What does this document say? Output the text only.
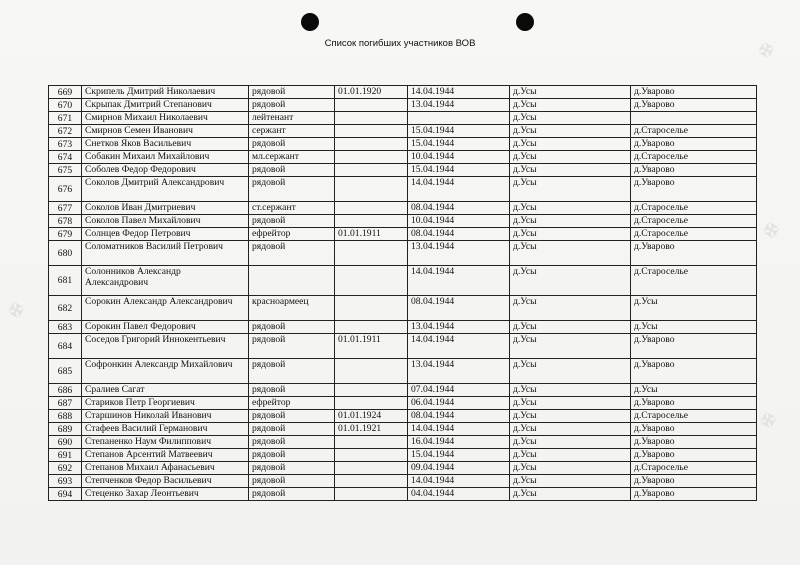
✠
✠
✠
✠
Список погибших участников ВОВ
669	Скрипель Дмитрий Николаевич	рядовой	01.01.1920	14.04.1944	д.Усы	д.Уварово
670	Скрыпак Дмитрий Степанович	рядовой		13.04.1944	д.Усы	д.Уварово
671	Смирнов Михаил Николаевич	лейтенант			д.Усы	
672	Смирнов Семен Иванович	сержант		15.04.1944	д.Усы	д.Староселье
673	Снетков Яков Васильевич	рядовой		15.04.1944	д.Усы	д.Уварово
674	Собакин Михаил Михайлович	мл.сержант		10.04.1944	д.Усы	д.Староселье
675	Соболев Федор Федорович	рядовой		15.04.1944	д.Усы	д.Уварово
676	Соколов Дмитрий Александрович	рядовой		14.04.1944	д.Усы	д.Уварово
677	Соколов Иван Дмитриевич	ст.сержант		08.04.1944	д.Усы	д.Староселье
678	Соколов Павел Михайлович	рядовой		10.04.1944	д.Усы	д.Староселье
679	Солнцев Федор Петрович	ефрейтор	01.01.1911	08.04.1944	д.Усы	д.Староселье
680	Соломатников Василий Петрович	рядовой		13.04.1944	д.Усы	д.Уварово
681	Солонников Александр Александрович			14.04.1944	д.Усы	д.Староселье
682	Сорокин Александр Александрович	красноармеец		08.04.1944	д.Усы	д.Усы
683	Сорокин Павел Федорович	рядовой		13.04.1944	д.Усы	д.Усы
684	Соседов Григорий Иннокентьевич	рядовой	01.01.1911	14.04.1944	д.Усы	д.Уварово
685	Софронкин Александр Михайлович	рядовой		13.04.1944	д.Усы	д.Уварово
686	Сралиев Сагат	рядовой		07.04.1944	д.Усы	д.Усы
687	Стариков Петр Георгиевич	ефрейтор		06.04.1944	д.Усы	д.Уварово
688	Старшинов Николай Иванович	рядовой	01.01.1924	08.04.1944	д.Усы	д.Староселье
689	Стафеев Василий Германович	рядовой	01.01.1921	14.04.1944	д.Усы	д.Уварово
690	Степаненко Наум Филиппович	рядовой		16.04.1944	д.Усы	д.Уварово
691	Степанов Арсентий Матвеевич	рядовой		15.04.1944	д.Усы	д.Уварово
692	Степанов Михаил Афанасьевич	рядовой		09.04.1944	д.Усы	д.Староселье
693	Степченков Федор Васильевич	рядовой		14.04.1944	д.Усы	д.Уварово
694	Стеценко Захар Леонтьевич	рядовой		04.04.1944	д.Усы	д.Уварово
